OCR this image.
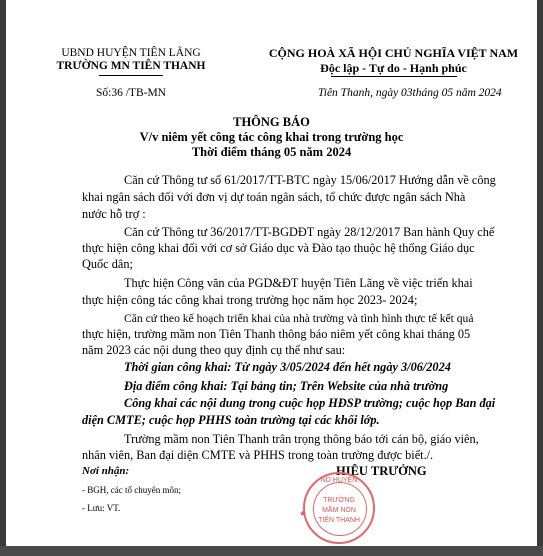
UBND HUYỆN TIÊN LÃNG
TRƯỜNG MN TIÊN THANH
Số:36 /TB-MN
CỘNG HOÀ XÃ HỘI CHỦ NGHĨA VIỆT NAM
Độc lập - Tự do - Hạnh phúc
Tiên Thanh, ngày 03tháng 05 năm 2024
THÔNG BÁO
V/v niêm yết công tác công khai trong trường học
Thời điểm tháng 05 năm 2024
Căn cứ Thông tư số 61/2017/TT-BTC ngày 15/06/2017 Hướng dẫn về công
khai ngân sách đối với đơn vị dự toán ngân sách, tổ chức được ngân sách Nhà
nước hỗ trợ :
Căn cứ Thông tư 36/2017/TT-BGDĐT ngày 28/12/2017 Ban hành Quy chế
thực hiện công khai đối với cơ sở Giáo dục và Đào tạo thuộc hệ thống Giáo dục
Quốc dân;
Thực hiện Công văn của PGD&ĐT huyện Tiên Lãng về việc triển khai
thực hiện công tác công khai trong trường học năm học 2023- 2024;
Căn cứ theo kế hoạch triển khai của nhà trường và tình hình thực tế kết quả
thực hiện, trường mầm non Tiên Thanh thông báo niêm yết công khai tháng 05
năm 2023 các nội dung theo quy định cụ thể như sau:
Thời gian công khai: Từ ngày 3/05/2024 đến hết ngày 3/06/2024
Địa điểm công khai: Tại bảng tin; Trên Website của nhà trường
Công khai các nội dung trong cuộc họp HĐSP trường; cuộc họp Ban đại
diện CMTE; cuộc họp PHHS toàn trường tại các khối lớp.
Trường mầm non Tiên Thanh trân trọng thông báo tới cán bộ, giáo viên,
nhân viên, Ban đại diện CMTE và PHHS trong toàn trường được biết./.
Nơi nhận:
- BGH, các tổ chuyên môn;
- Lưu: VT.
HIỆU TRƯỞNG
ND HUYỆN
TRƯỜNG
MẦM NON
TIÊN THANH
★
